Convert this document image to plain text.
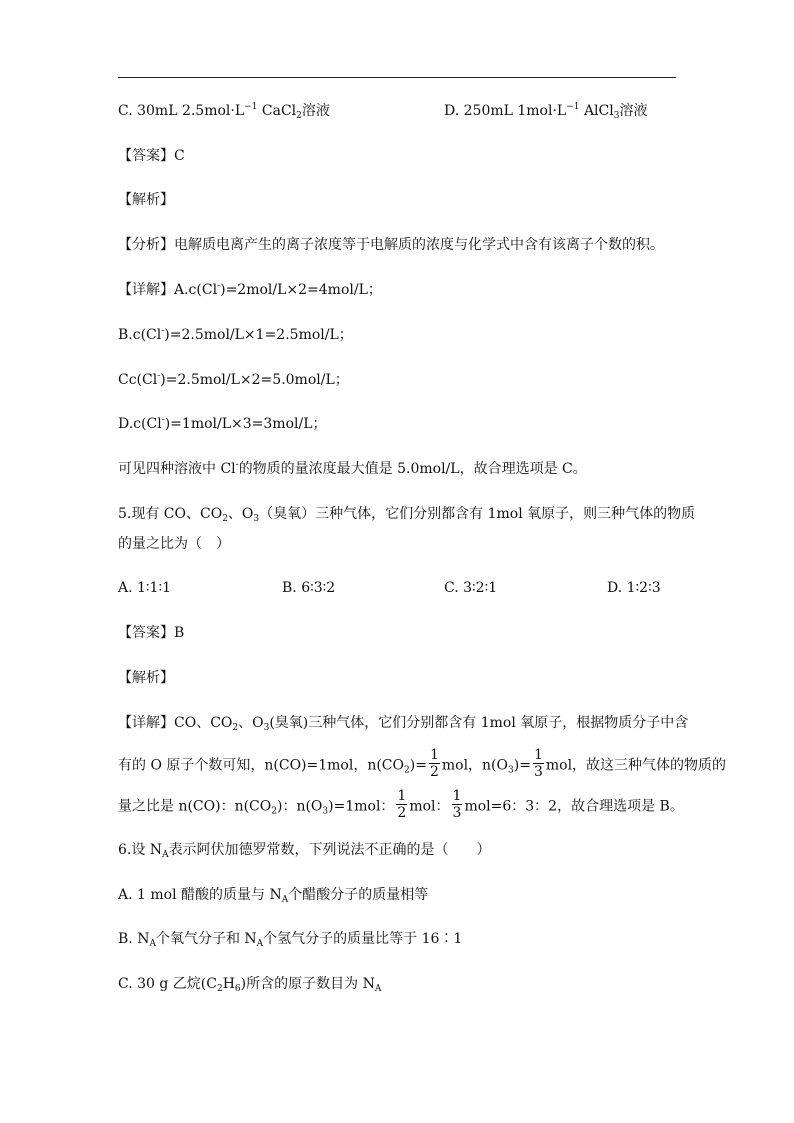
C. 30mL $2.5mol\cdot L^{-1}$ CaCl$_2$溶液	D. 250mL $1mol\cdot L^{-1}$ AlCl$_3$溶液
【答案】C
【解析】
【分析】电解质电离产生的离子浓度等于电解质的浓度与化学式中含有该离子个数的积。
【详解】A.c(Cl-)=2mol/L×2=4mol/L；
B.c(Cl-)=2.5mol/L×1=2.5mol/L；
Cc(Cl-)=2.5mol/L×2=5.0mol/L；
D.c(Cl-)=1mol/L×3=3mol/L；
可见四种溶液中 Cl-的物质的量浓度最大值是 5.0mol/L，故合理选项是 C。
5.现有 CO、$CO_2$、$O_3$（臭氧）三种气体，它们分别都含有 1mol 氧原子，则三种气体的物质
的量之比为（　）
A. 1∶1∶1	B. 6∶3∶2	C. 3∶2∶1	D. 1∶2∶3
【答案】B
【解析】
【详解】CO、$CO_2$、$O_3$(臭氧)三种气体，它们分别都含有 1mol 氧原子，根据物质分子中含
有的 O 原子个数可知，n(CO)=1mol，$n(CO_2)= \frac{1}{2}$ mol，$n(O_3)= \frac{1}{3}$ mol，故这三种气体的物质的
量之比是 n(CO)：$n(CO_2)$：$n(O_3)=1mol$： $\frac{1}{2}$ mol： $\frac{1}{3} mol=6$：3：2，故合理选项是 B。
6.设 $N_A$表示阿伏加德罗常数，下列说法不正确的是（　　）
A. 1 mol 醋酸的质量与 $N_A$个醋酸分子的质量相等
B. $N_A$个氧气分子和 $N_A$个氢气分子的质量比等于 16∶1
C. 30 g 乙烷$(C_2H_6)$所含的原子数目为 $N_A$
